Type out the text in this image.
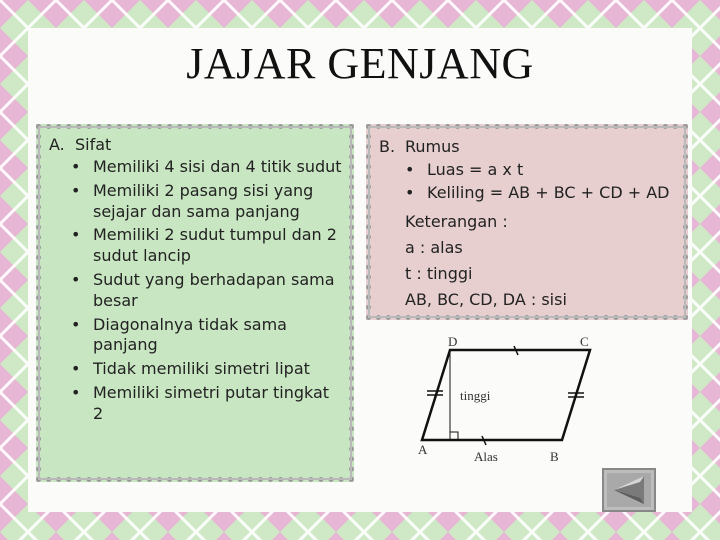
JAJAR GENJANG
A. Sifat
• Memiliki 4 sisi dan 4 titik sudut
• Memiliki 2 pasang sisi yang sejajar dan sama panjang
• Memiliki 2 sudut tumpul dan 2 sudut lancip
• Sudut yang berhadapan sama besar
• Diagonalnya tidak sama panjang
• Tidak memiliki simetri lipat
• Memiliki simetri putar tingkat 2
B. Rumus
• Luas = a x t
• Keliling = AB + BC + CD + AD
Keterangan :
a : alas
t : tinggi
AB, BC, CD, DA : sisi
D	C
A	B
tinggi
Alas
